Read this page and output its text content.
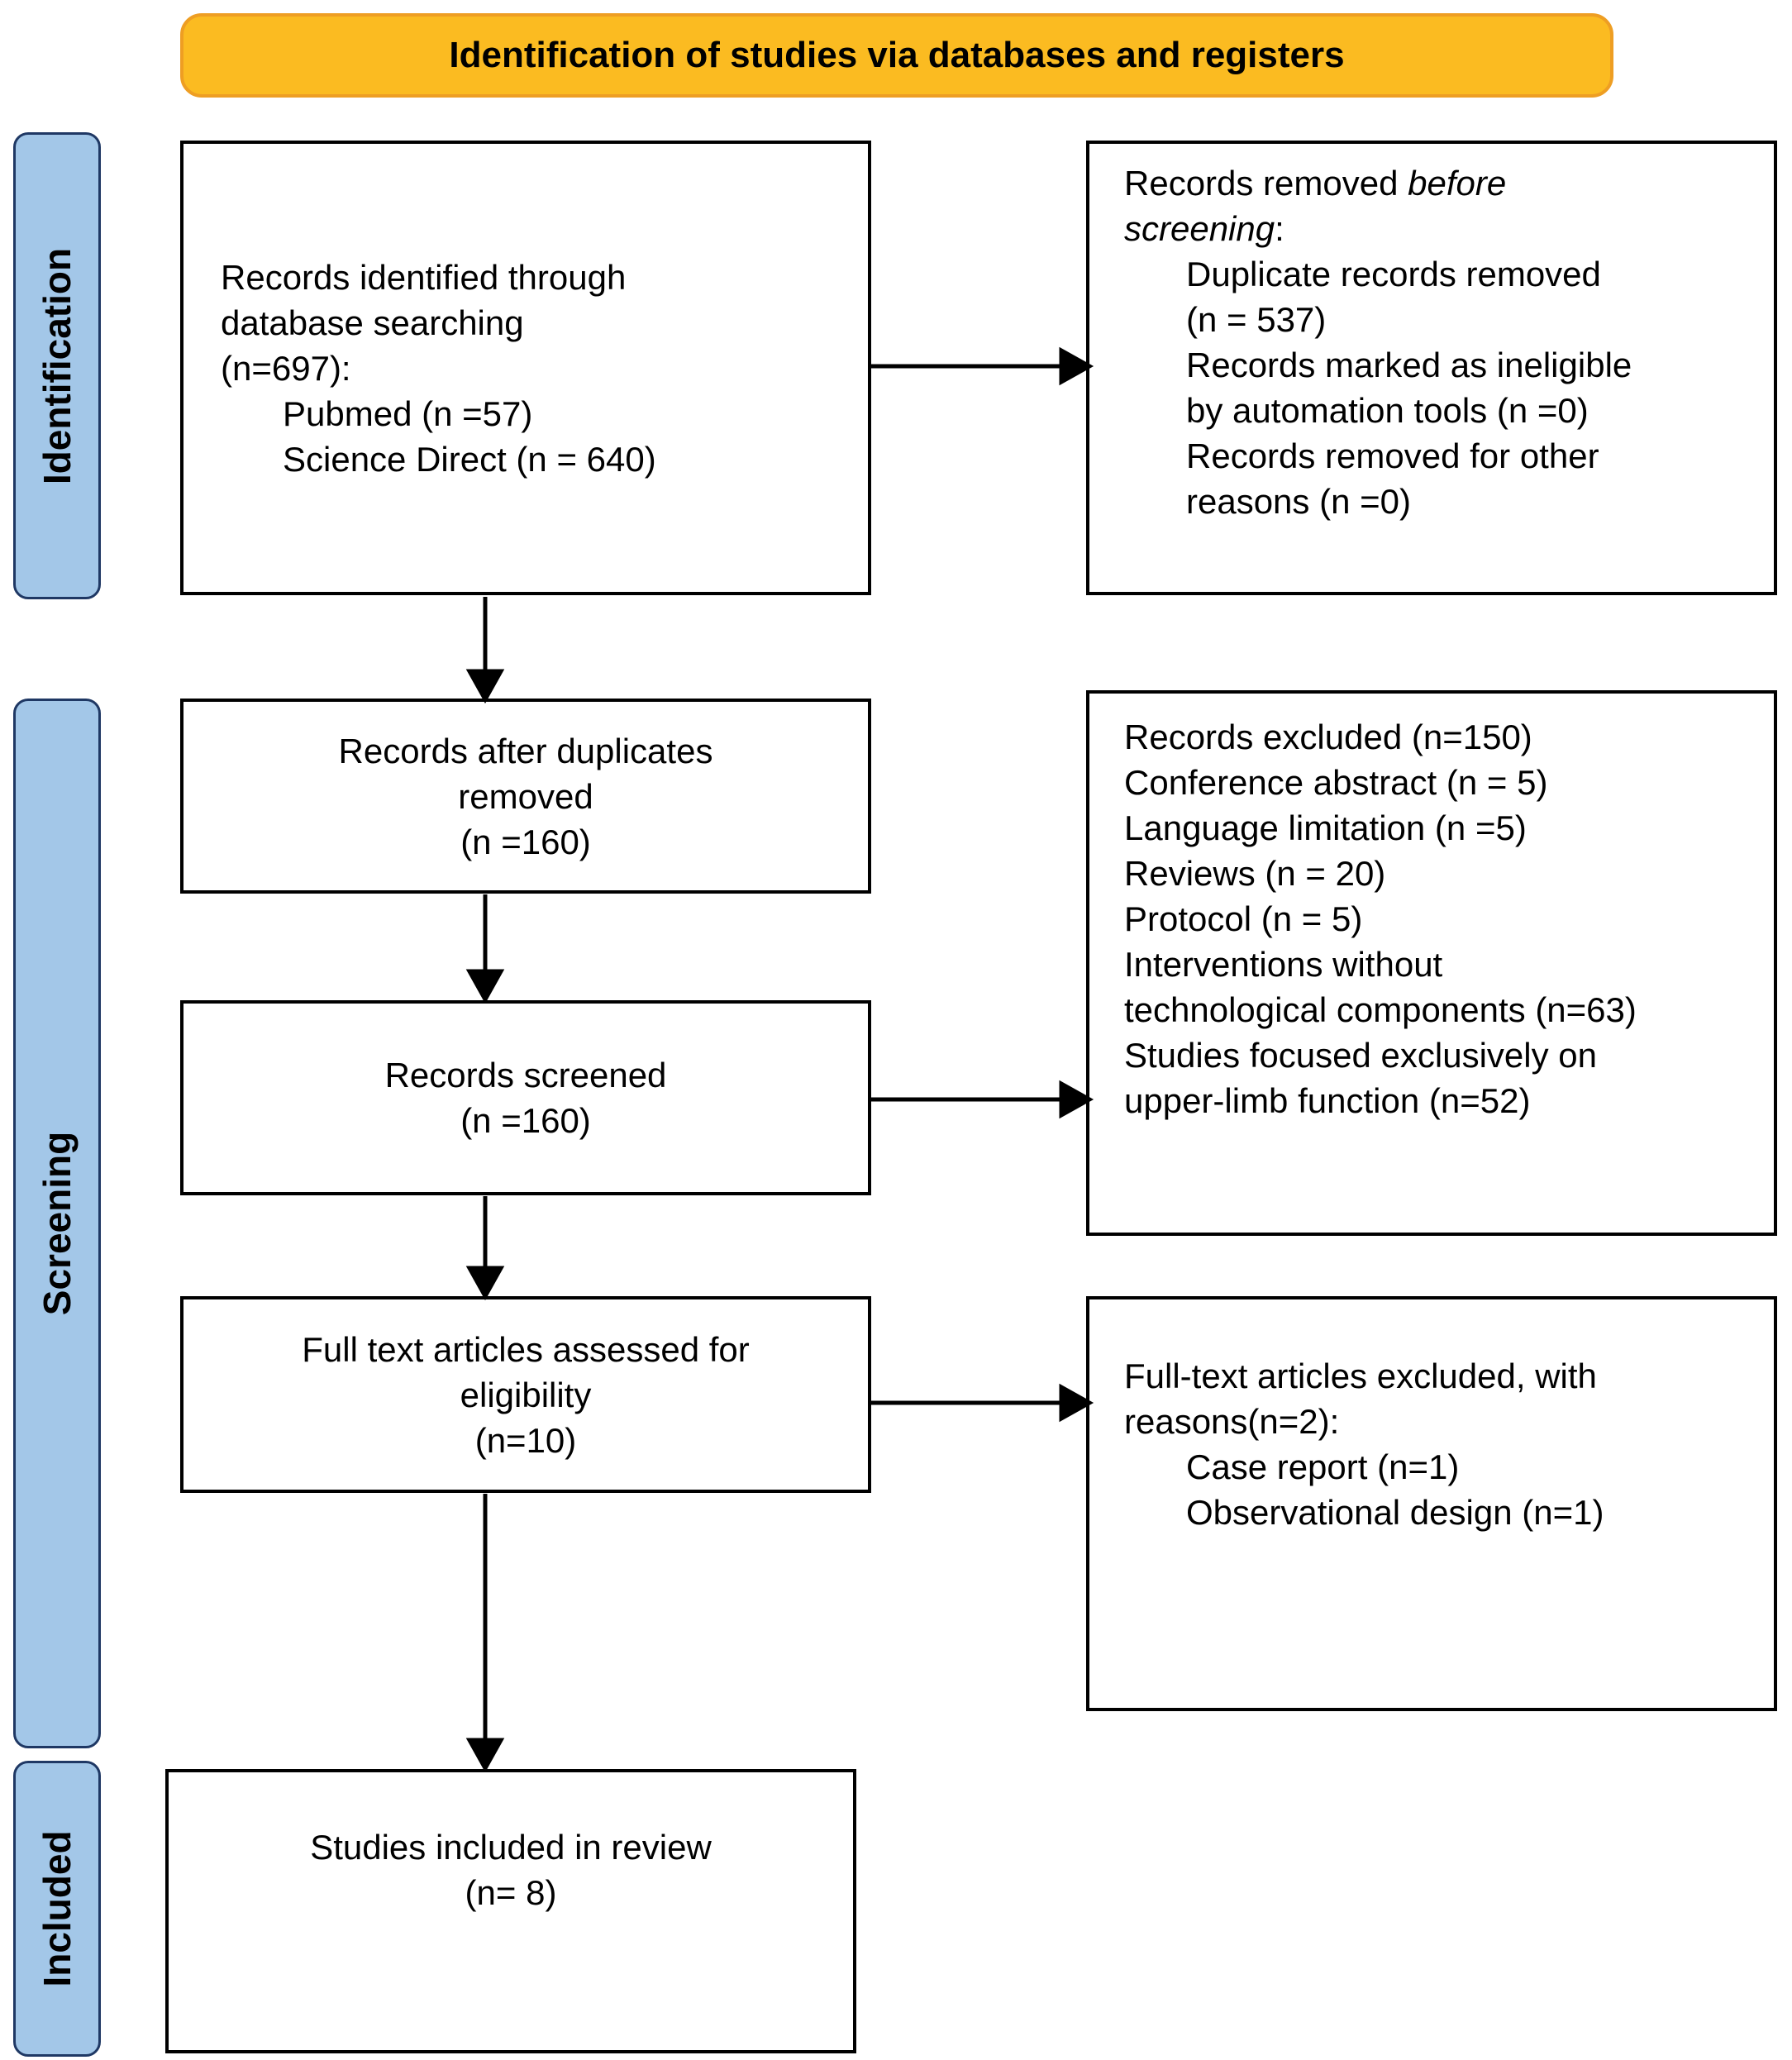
Identification of studies via databases and registers
Identification
Screening
Included
Records identified through
database searching
(n=697):
Pubmed (n =57)
Science Direct (n = 640)
Records after duplicates
removed
(n =160)
Records screened
(n =160)
Full text articles assessed for
eligibility
(n=10)
Studies included in review
(n= 8)
Records removed before
screening:
Duplicate records removed
(n = 537)
Records marked as ineligible
by automation tools (n =0)
Records removed for other
reasons (n =0)
Records excluded (n=150)
Conference abstract (n = 5)
Language limitation (n =5)
Reviews (n = 20)
Protocol (n = 5)
Interventions without
technological components (n=63)
Studies focused exclusively on
upper-limb function (n=52)
Full-text articles excluded, with
reasons(n=2):
Case report (n=1)
Observational design (n=1)
